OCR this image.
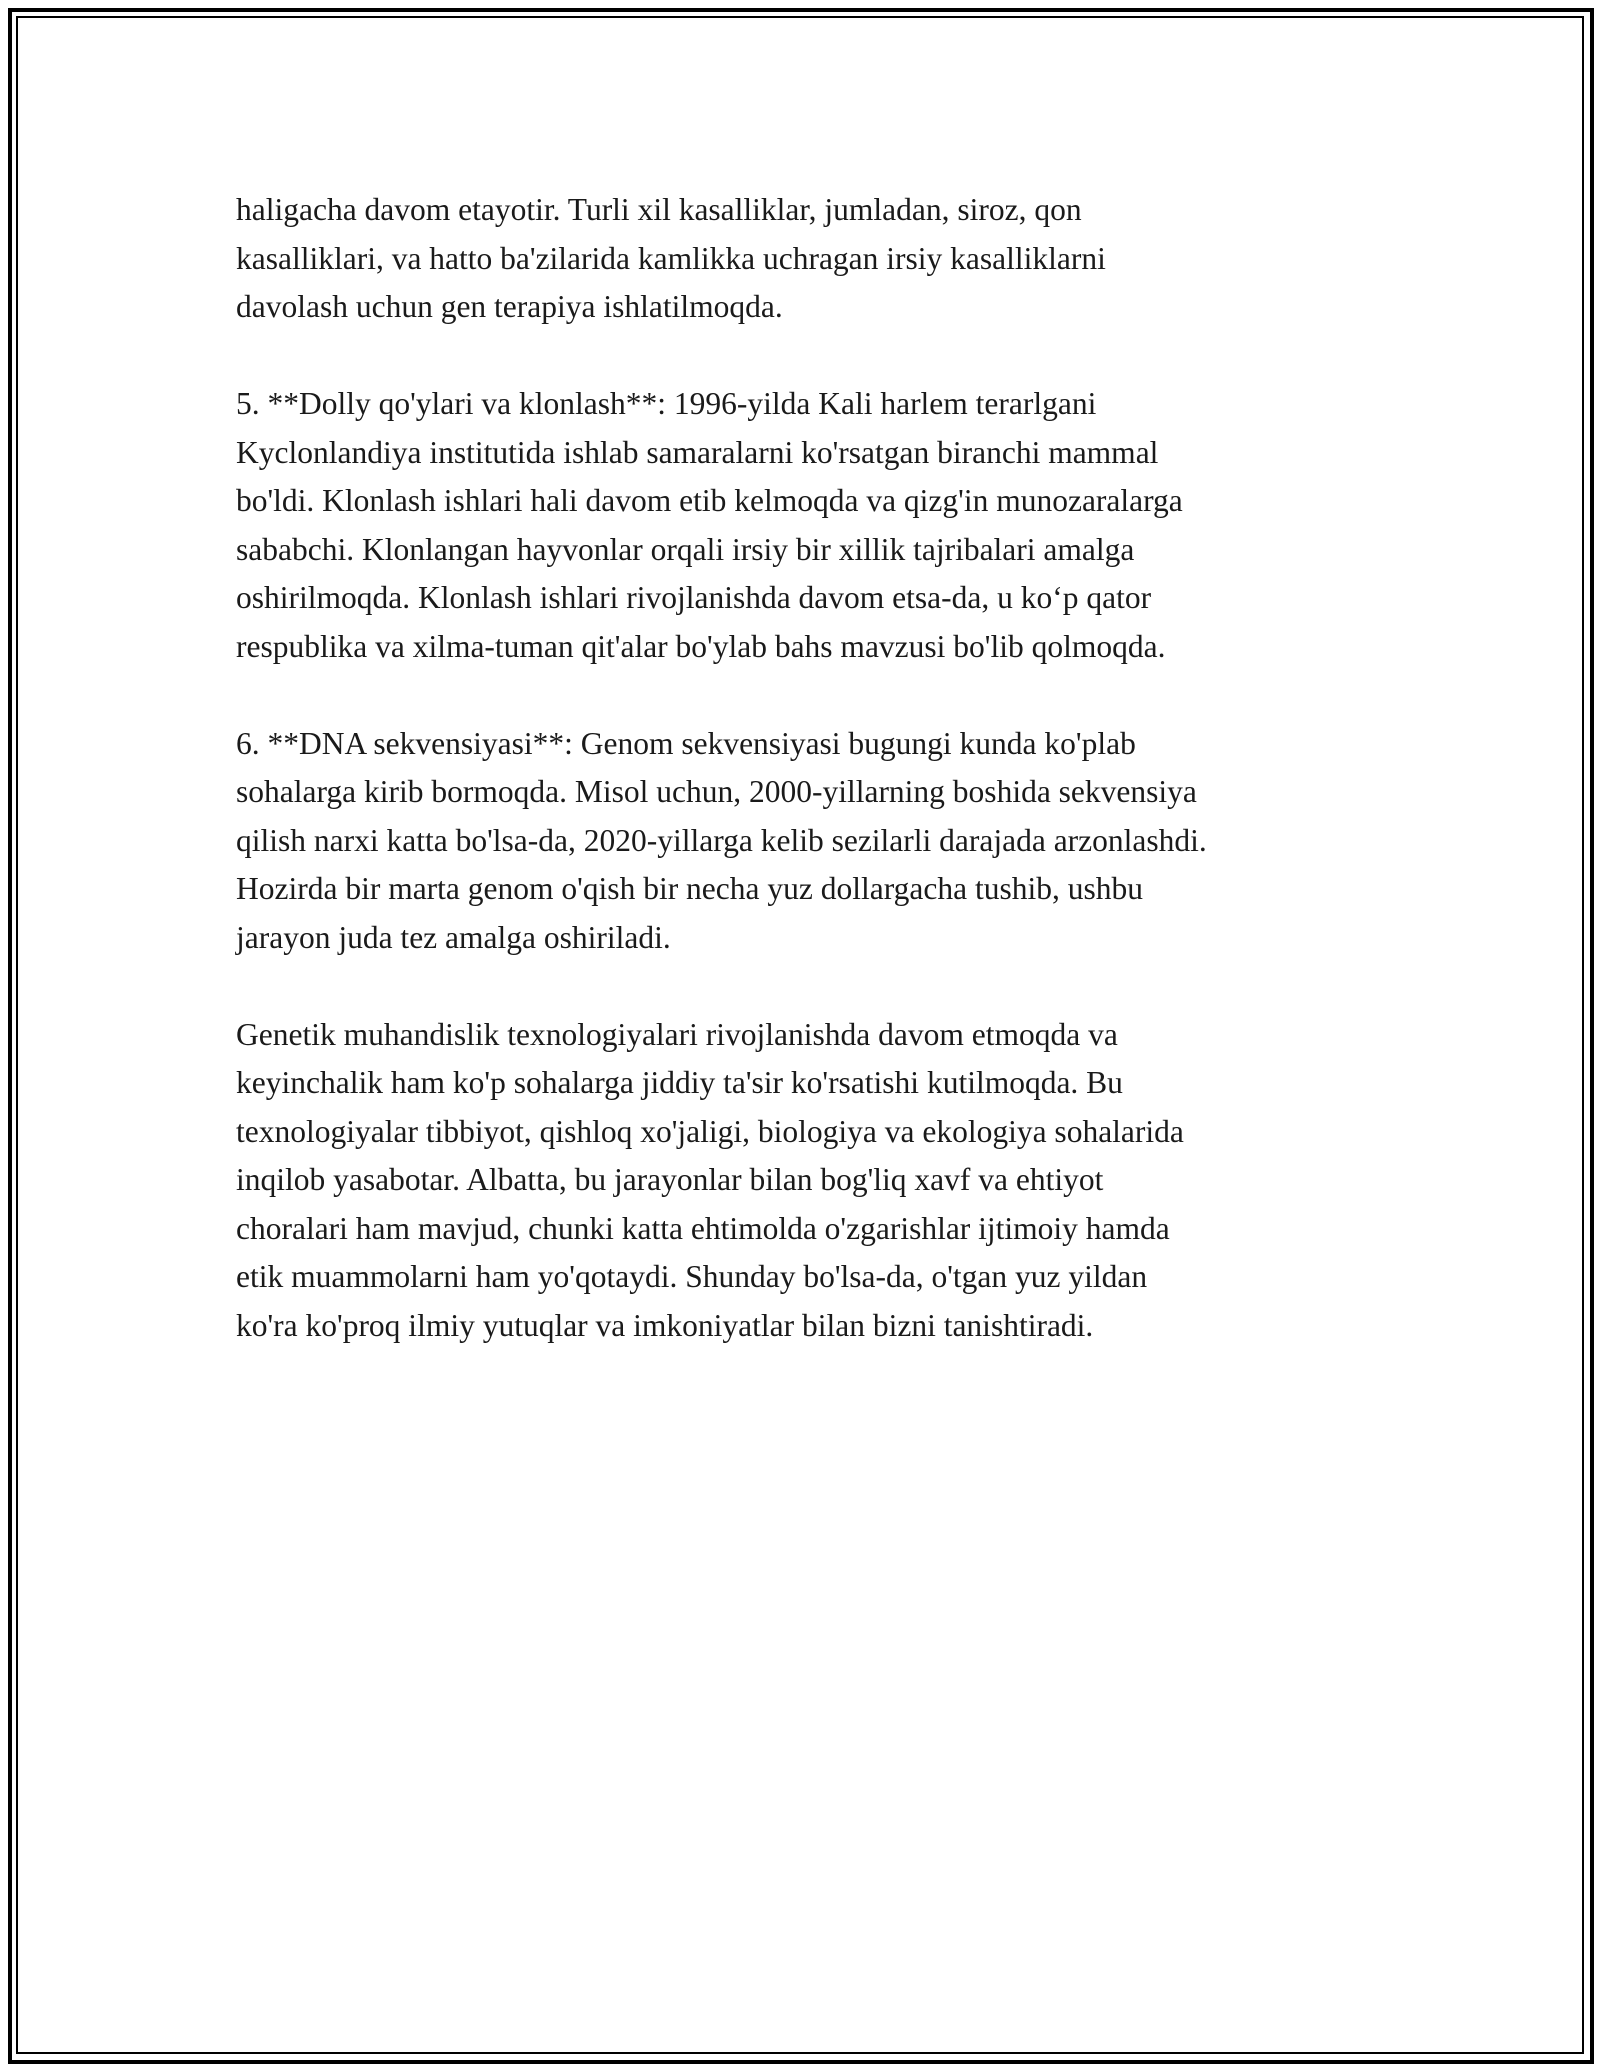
haligacha davom etayotir. Turli xil kasalliklar, jumladan, siroz, qon
kasalliklari, va hatto ba'zilarida kamlikka uchragan irsiy kasalliklarni
davolash uchun gen terapiya ishlatilmoqda.

5. **Dolly qo'ylari va klonlash**: 1996-yilda Kali harlem terarlgani
Kyclonlandiya institutida ishlab samaralarni ko'rsatgan biranchi mammal
bo'ldi. Klonlash ishlari hali davom etib kelmoqda va qizg'in munozaralarga
sababchi. Klonlangan hayvonlar orqali irsiy bir xillik tajribalari amalga
oshirilmoqda. Klonlash ishlari rivojlanishda davom etsa-da, u ko‘p qator
respublika va xilma-tuman qit'alar bo'ylab bahs mavzusi bo'lib qolmoqda.

6. **DNA sekvensiyasi**: Genom sekvensiyasi bugungi kunda ko'plab
sohalarga kirib bormoqda. Misol uchun, 2000-yillarning boshida sekvensiya
qilish narxi katta bo'lsa-da, 2020-yillarga kelib sezilarli darajada arzonlashdi.
Hozirda bir marta genom o'qish bir necha yuz dollargacha tushib, ushbu
jarayon juda tez amalga oshiriladi.

Genetik muhandislik texnologiyalari rivojlanishda davom etmoqda va
keyinchalik ham ko'p sohalarga jiddiy ta'sir ko'rsatishi kutilmoqda. Bu
texnologiyalar tibbiyot, qishloq xo'jaligi, biologiya va ekologiya sohalarida
inqilob yasabotar. Albatta, bu jarayonlar bilan bog'liq xavf va ehtiyot
choralari ham mavjud, chunki katta ehtimolda o'zgarishlar ijtimoiy hamda
etik muammolarni ham yo'qotaydi. Shunday bo'lsa-da, o'tgan yuz yildan
ko'ra ko'proq ilmiy yutuqlar va imkoniyatlar bilan bizni tanishtiradi.
